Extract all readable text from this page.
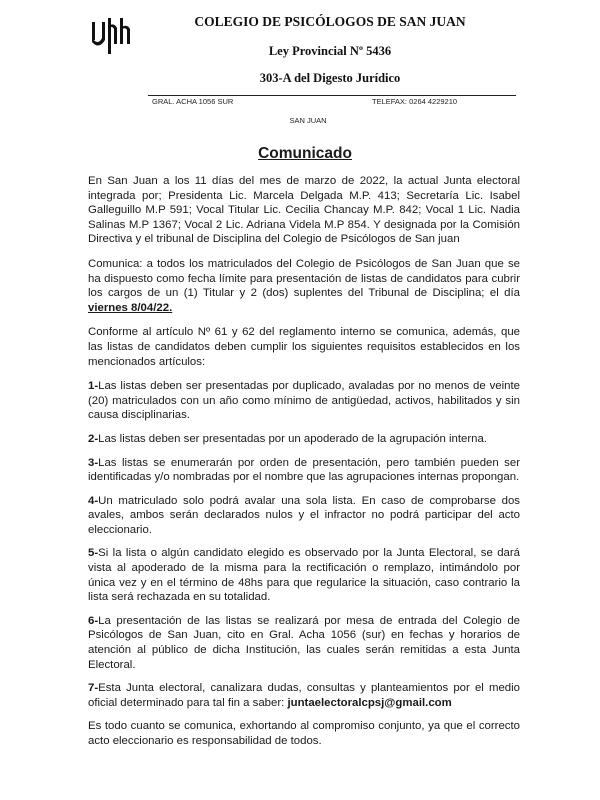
COLEGIO DE PSICÓLOGOS DE SAN JUAN
Ley Provincial Nº 5436
303-A del Digesto Jurídico
GRAL. ACHA 1056 SUR	TELEFAX: 0264 4229210
SAN JUAN
Comunicado

En San Juan a los 11 días del mes de marzo de 2022, la actual Junta electoral integrada por; Presidenta Lic. Marcela Delgada M.P. 413; Secretaría Lic. Isabel Galleguillo M.P 591; Vocal Titular Lic. Cecilia Chancay M.P. 842; Vocal 1 Lic. Nadia Salinas M.P 1367; Vocal 2 Lic. Adriana Videla M.P 854. Y designada por la Comisión Directiva y el tribunal de Disciplina del Colegio de Psicólogos de San juan

Comunica: a todos los matriculados del Colegio de Psicólogos de San Juan que se ha dispuesto como fecha límite para presentación de listas de candidatos para cubrir los cargos de un (1) Titular y 2 (dos) suplentes del Tribunal de Disciplina; el día viernes 8/04/22.

Conforme al artículo Nº 61 y 62 del reglamento interno se comunica, además, que las listas de candidatos deben cumplir los siguientes requisitos establecidos en los mencionados artículos:

1-Las listas deben ser presentadas por duplicado, avaladas por no menos de veinte (20) matriculados con un año como mínimo de antigüedad, activos, habilitados y sin causa disciplinarias.

2-Las listas deben ser presentadas por un apoderado de la agrupación interna.

3-Las listas se enumerarán por orden de presentación, pero también pueden ser identificadas y/o nombradas por el nombre que las agrupaciones internas propongan.

4-Un matriculado solo podrá avalar una sola lista. En caso de comprobarse dos avales, ambos serán declarados nulos y el infractor no podrá participar del acto eleccionario.

5-Si la lista o algún candidato elegido es observado por la Junta Electoral, se dará vista al apoderado de la misma para la rectificación o remplazo, intimándolo por única vez y en el término de 48hs para que regularice la situación, caso contrario la lista será rechazada en su totalidad.

6-La presentación de las listas se realizará por mesa de entrada del Colegio de Psicólogos de San Juan, cito en Gral. Acha 1056 (sur) en fechas y horarios de atención al público de dicha Institución, las cuales serán remitidas a esta Junta Electoral.

7-Esta Junta electoral, canalizara dudas, consultas y planteamientos por el medio oficial determinado para tal fin a saber: juntaelectoralcpsj@gmail.com

Es todo cuanto se comunica, exhortando al compromiso conjunto, ya que el correcto acto eleccionario es responsabilidad de todos.
